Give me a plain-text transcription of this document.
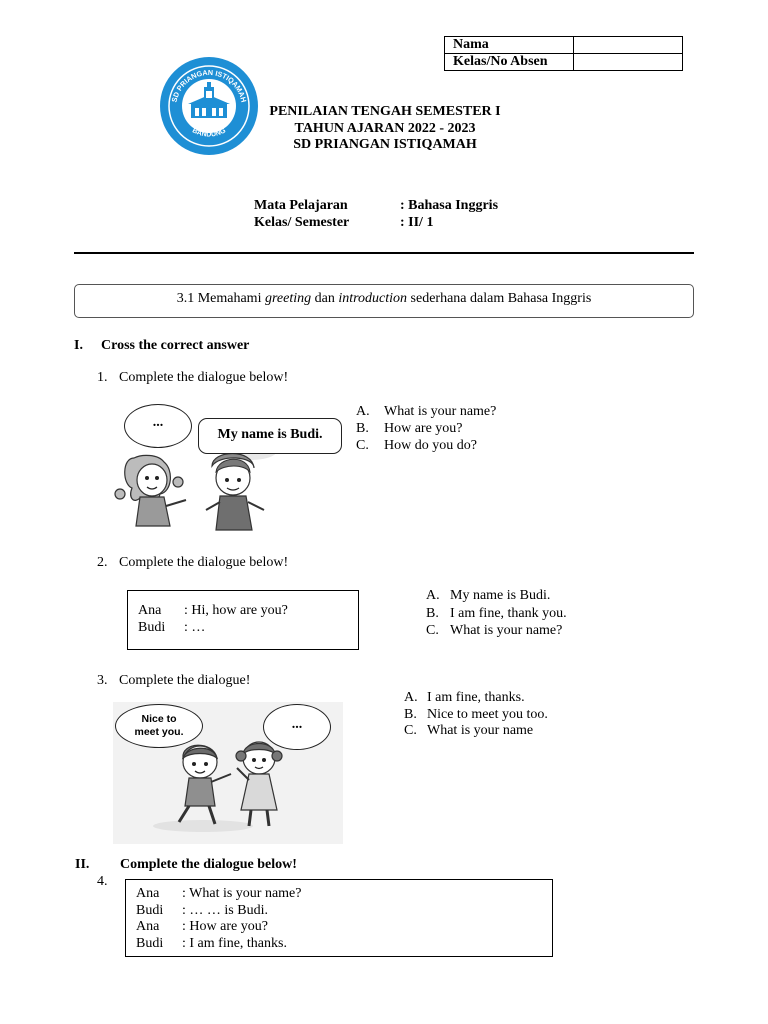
Nama	
Kelas/No Absen	
SD PRIANGAN ISTIQAMAH
BANDUNG
PENILAIAN TENGAH SEMESTER I
TAHUN AJARAN 2022 - 2023
SD PRIANGAN ISTIQAMAH
Mata Pelajaran	: Bahasa Inggris
Kelas/ Semester	: II/ 1
3.1 Memahami greeting dan introduction sederhana dalam Bahasa Inggris
I. Cross the correct answer
1. Complete the dialogue below!
...
My name is Budi.
A. What is your name?
B. How are you?
C. How do you do?
2. Complete the dialogue below!
Ana : Hi, how are you?
Budi : …
A. My name is Budi.
B. I am fine, thank you.
C. What is your name?
3. Complete the dialogue!
Nice to meet you.	...
A. I am fine, thanks.
B. Nice to meet you too.
C. What is your name
II. Complete the dialogue below!
4.
Ana : What is your name?
Budi : … … is Budi.
Ana : How are you?
Budi : I am fine, thanks.
